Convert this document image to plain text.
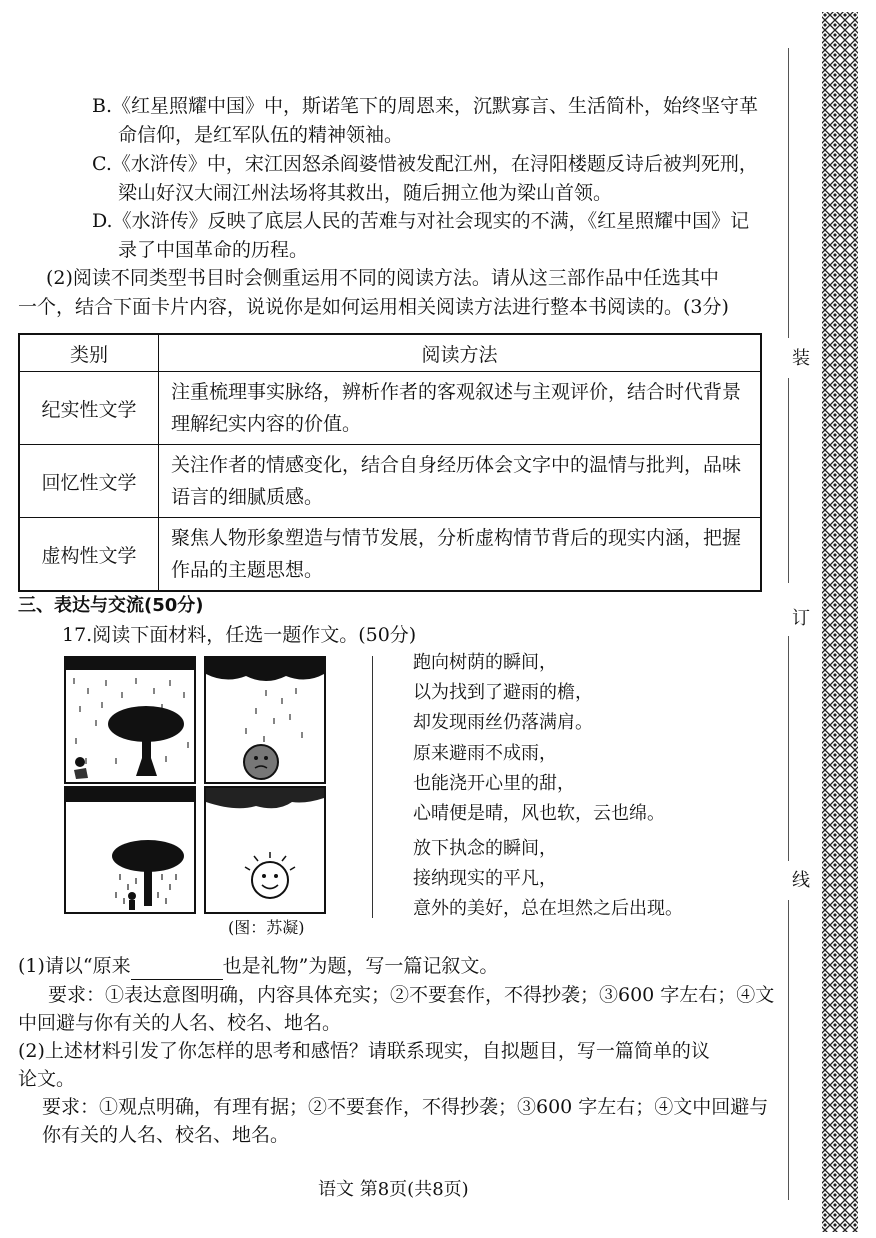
B.《红星照耀中国》中，斯诺笔下的周恩来，沉默寡言、生活简朴，始终坚守革
命信仰，是红军队伍的精神领袖。
C.《水浒传》中，宋江因怒杀阎婆惜被发配江州，在浔阳楼题反诗后被判死刑，
梁山好汉大闹江州法场将其救出，随后拥立他为梁山首领。
D.《水浒传》反映了底层人民的苦难与对社会现实的不满，《红星照耀中国》记
录了中国革命的历程。
(2)阅读不同类型书目时会侧重运用不同的阅读方法。请从这三部作品中任选其中
一个，结合下面卡片内容，说说你是如何运用相关阅读方法进行整本书阅读的。(3分)
类别	阅读方法
纪实性文学	注重梳理事实脉络，辨析作者的客观叙述与主观评价，结合时代背景
理解纪实内容的价值。
回忆性文学	关注作者的情感变化，结合自身经历体会文字中的温情与批判，品味
语言的细腻质感。
虚构性文学	聚焦人物形象塑造与情节发展，分析虚构情节背后的现实内涵，把握
作品的主题思想。
三、表达与交流(50分)
17.阅读下面材料，任选一题作文。(50分)
(图：苏凝)
跑向树荫的瞬间，
以为找到了避雨的檐，
却发现雨丝仍落满肩。
原来避雨不成雨，
也能浇开心里的甜，
心晴便是晴，风也软，云也绵。
放下执念的瞬间，
接纳现实的平凡，
意外的美好，总在坦然之后出现。
(1)请以“原来	也是礼物”为题，写一篇记叙文。
要求：①表达意图明确，内容具体充实；②不要套作，不得抄袭；③600 字左右；④文
中回避与你有关的人名、校名、地名。
(2)上述材料引发了你怎样的思考和感悟？请联系现实，自拟题目，写一篇简单的议
论文。
要求：①观点明确，有理有据；②不要套作，不得抄袭；③600 字左右；④文中回避与
你有关的人名、校名、地名。
语文 第8页(共8页)
装
订
线
